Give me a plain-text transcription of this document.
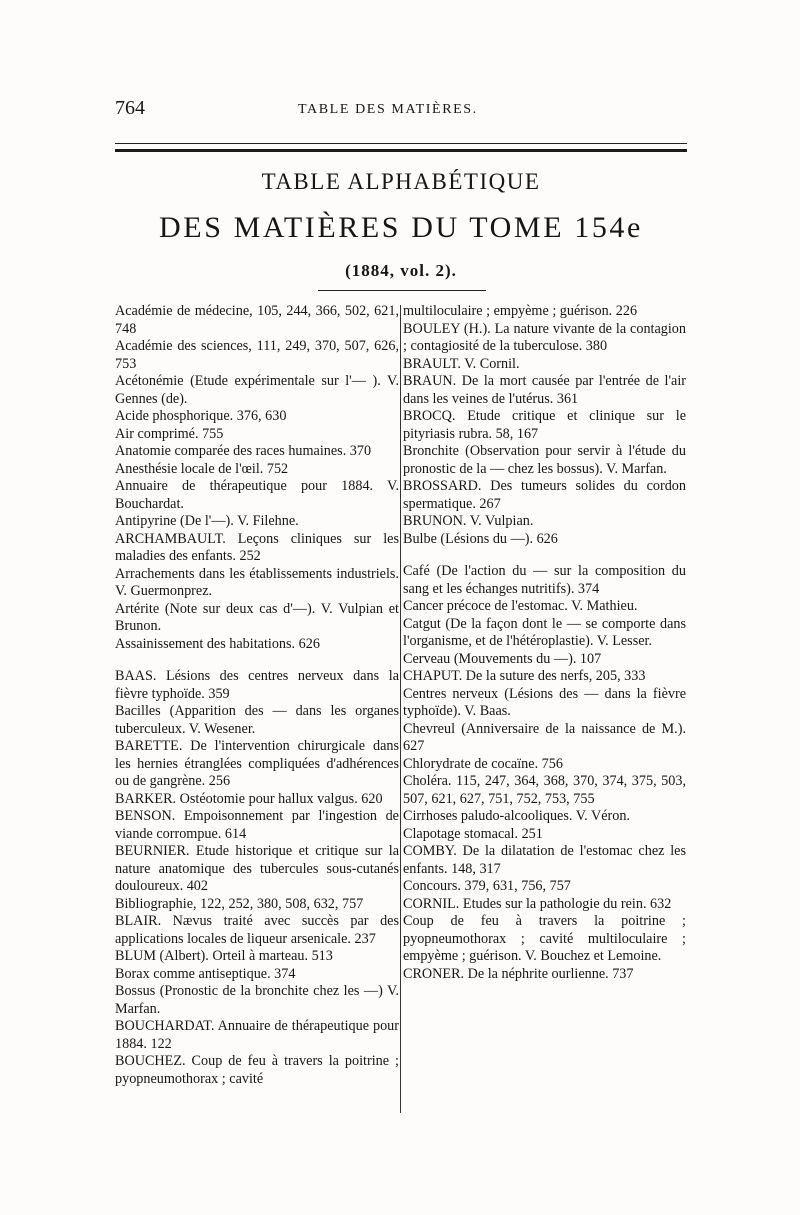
764	TABLE DES MATIÈRES.
TABLE ALPHABÉTIQUE
DES MATIÈRES DU TOME 154e
(1884, vol. 2).

Académie de médecine, 105, 244, 366, 502, 621, 748

Académie des sciences, 111, 249, 370, 507, 626, 753

Acétonémie (Etude expérimentale sur l'— ). V. Gennes (de).

Acide phosphorique. 376, 630

Air comprimé. 755

Anatomie comparée des races humaines. 370

Anesthésie locale de l'œil. 752

Annuaire de thérapeutique pour 1884. V. Bouchardat.

Antipyrine (De l'—). V. Filehne.

ARCHAMBAULT. Leçons cliniques sur les maladies des enfants. 252

Arrachements dans les établissements industriels. V. Guermonprez.

Artérite (Note sur deux cas d'—). V. Vulpian et Brunon.

Assainissement des habitations. 626

BAAS. Lésions des centres nerveux dans la fièvre typhoïde. 359

Bacilles (Apparition des — dans les organes tuberculeux. V. Wesener.

BARETTE. De l'intervention chirurgicale dans les hernies étranglées compliquées d'adhérences ou de gangrène. 256

BARKER. Ostéotomie pour hallux valgus. 620

BENSON. Empoisonnement par l'ingestion de viande corrompue. 614

BEURNIER. Etude historique et critique sur la nature anatomique des tubercules sous-cutanés douloureux. 402

Bibliographie, 122, 252, 380, 508, 632, 757

BLAIR. Nævus traité avec succès par des applications locales de liqueur arsenicale. 237

BLUM (Albert). Orteil à marteau. 513

Borax comme antiseptique. 374

Bossus (Pronostic de la bronchite chez les —) V. Marfan.

BOUCHARDAT. Annuaire de thérapeutique pour 1884. 122

BOUCHEZ. Coup de feu à travers la poitrine ; pyopneumothorax ; cavité

multiloculaire ; empyème ; guérison. 226

BOULEY (H.). La nature vivante de la contagion ; contagiosité de la tuberculose. 380

BRAULT. V. Cornil.

BRAUN. De la mort causée par l'entrée de l'air dans les veines de l'utérus. 361

BROCQ. Etude critique et clinique sur le pityriasis rubra. 58, 167

Bronchite (Observation pour servir à l'étude du pronostic de la — chez les bossus). V. Marfan.

BROSSARD. Des tumeurs solides du cordon spermatique. 267

BRUNON. V. Vulpian.

Bulbe (Lésions du —). 626

Café (De l'action du — sur la composition du sang et les échanges nutritifs). 374

Cancer précoce de l'estomac. V. Mathieu.

Catgut (De la façon dont le — se comporte dans l'organisme, et de l'hétéroplastie). V. Lesser.

Cerveau (Mouvements du —). 107

CHAPUT. De la suture des nerfs, 205, 333

Centres nerveux (Lésions des — dans la fièvre typhoïde). V. Baas.

Chevreul (Anniversaire de la naissance de M.). 627

Chlorydrate de cocaïne. 756

Choléra. 115, 247, 364, 368, 370, 374, 375, 503, 507, 621, 627, 751, 752, 753, 755

Cirrhoses paludo-alcooliques. V. Véron.

Clapotage stomacal. 251

COMBY. De la dilatation de l'estomac chez les enfants. 148, 317

Concours. 379, 631, 756, 757

CORNIL. Etudes sur la pathologie du rein. 632

Coup de feu à travers la poitrine ; pyopneumothorax ; cavité multiloculaire ; empyème ; guérison. V. Bouchez et Lemoine.

CRONER. De la néphrite ourlienne. 737
